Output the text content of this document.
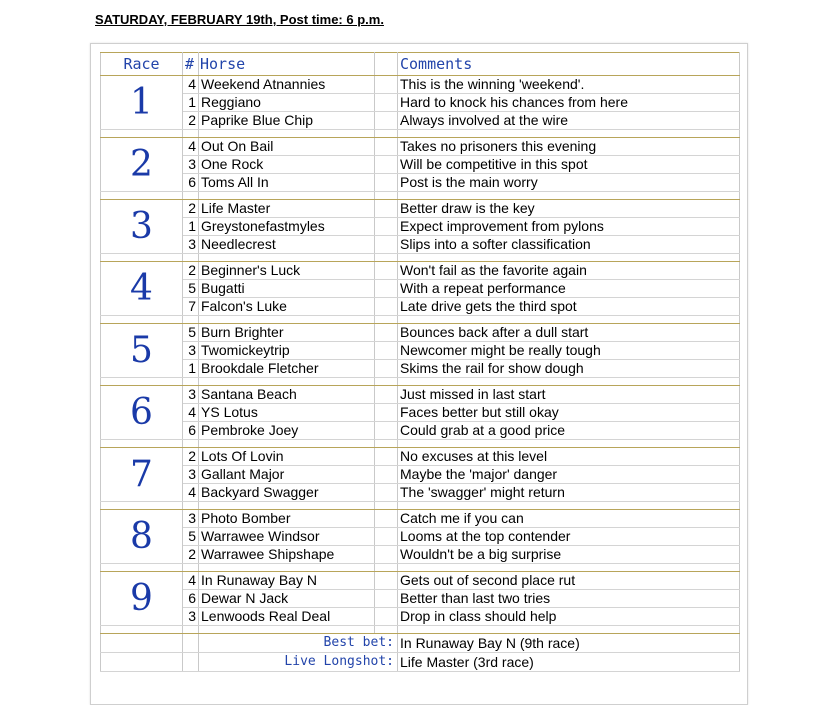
SATURDAY, FEBRUARY 19th, Post time: 6 p.m.
Race	#	Horse		Comments
1	4	Weekend Atnannies		This is the winning 'weekend'.
	1	Reggiano		Hard to knock his chances from here
	2	Paprike Blue Chip		Always involved at the wire

2	4	Out On Bail		Takes no prisoners this evening
	3	One Rock		Will be competitive in this spot
	6	Toms All In		Post is the main worry

3	2	Life Master		Better draw is the key
	1	Greystonefastmyles		Expect improvement from pylons
	3	Needlecrest		Slips into a softer classification

4	2	Beginner's Luck		Won't fail as the favorite again
	5	Bugatti		With a repeat performance
	7	Falcon's Luke		Late drive gets the third spot

5	5	Burn Brighter		Bounces back after a dull start
	3	Twomickeytrip		Newcomer might be really tough
	1	Brookdale Fletcher		Skims the rail for show dough

6	3	Santana Beach		Just missed in last start
	4	YS Lotus		Faces better but still okay
	6	Pembroke Joey		Could grab at a good price

7	2	Lots Of Lovin		No excuses at this level
	3	Gallant Major		Maybe the 'major' danger
	4	Backyard Swagger		The 'swagger' might return

8	3	Photo Bomber		Catch me if you can
	5	Warrawee Windsor		Looms at the top contender
	2	Warrawee Shipshape		Wouldn't be a big surprise

9	4	In Runaway Bay N		Gets out of second place rut
	6	Dewar N Jack		Better than last two tries
	3	Lenwoods Real Deal		Drop in class should help

		Best bet:		In Runaway Bay N (9th race)
		Live Longshot:		Life Master (3rd race)
